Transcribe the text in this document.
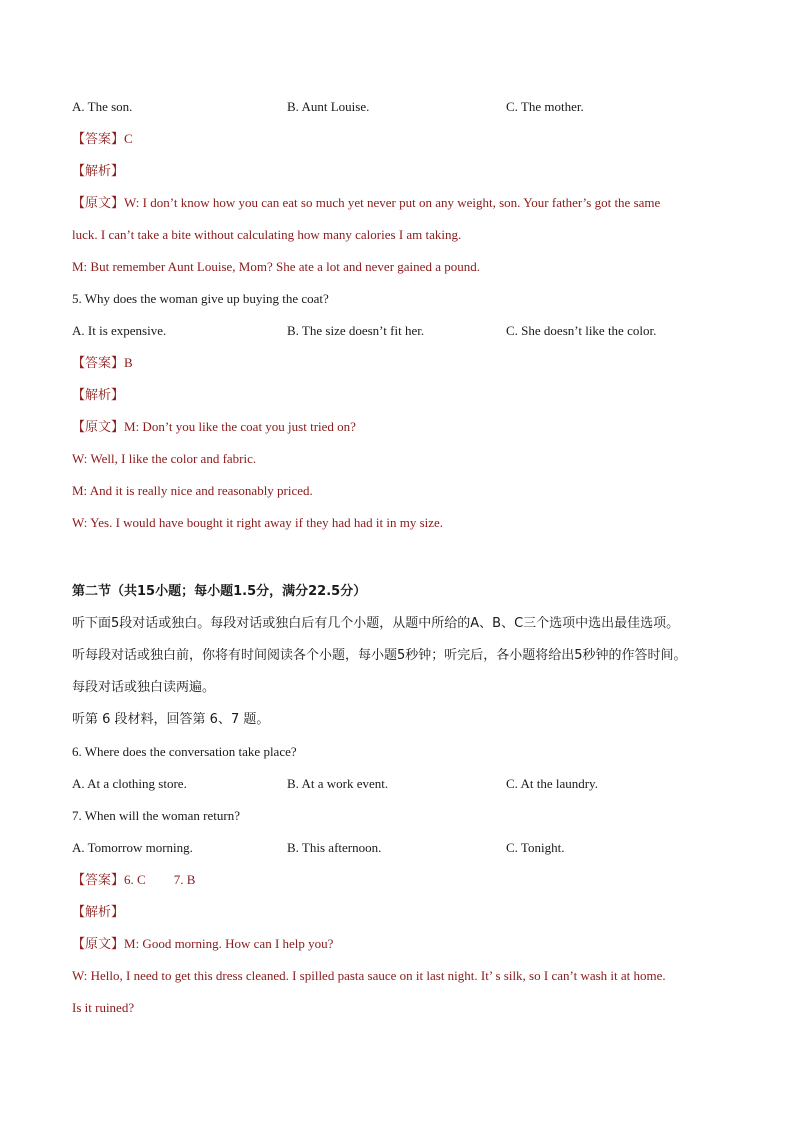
A. The son.	B. Aunt Louise.	C. The mother.
【答案】C
【解析】
【原文】W: I don’t know how you can eat so much yet never put on any weight, son. Your father’s got the same
luck. I can’t take a bite without calculating how many calories I am taking.
M: But remember Aunt Louise, Mom? She ate a lot and never gained a pound.
5. Why does the woman give up buying the coat?
A. It is expensive.	B. The size doesn’t fit her.	C. She doesn’t like the color.
【答案】B
【解析】
【原文】M: Don’t you like the coat you just tried on?
W: Well, I like the color and fabric.
M: And it is really nice and reasonably priced.
W: Yes. I would have bought it right away if they had had it in my size.
第二节（共15小题；每小题1.5分，满分22.5分）
听下面5段对话或独白。每段对话或独白后有几个小题，从题中所给的A、B、C三个选项中选出最佳选项。
听每段对话或独白前，你将有时间阅读各个小题，每小题5秒钟；听完后，各小题将给出5秒钟的作答时间。
每段对话或独白读两遍。
听第 6 段材料，回答第 6、7 题。
6. Where does the conversation take place?
A. At a clothing store.	B. At a work event.	C. At the laundry.
7. When will the woman return?
A. Tomorrow morning.	B. This afternoon.	C. Tonight.
【答案】6. C 7. B
【解析】
【原文】M: Good morning. How can I help you?
W: Hello, I need to get this dress cleaned. I spilled pasta sauce on it last night. It’ s silk, so I can’t wash it at home.
Is it ruined?
